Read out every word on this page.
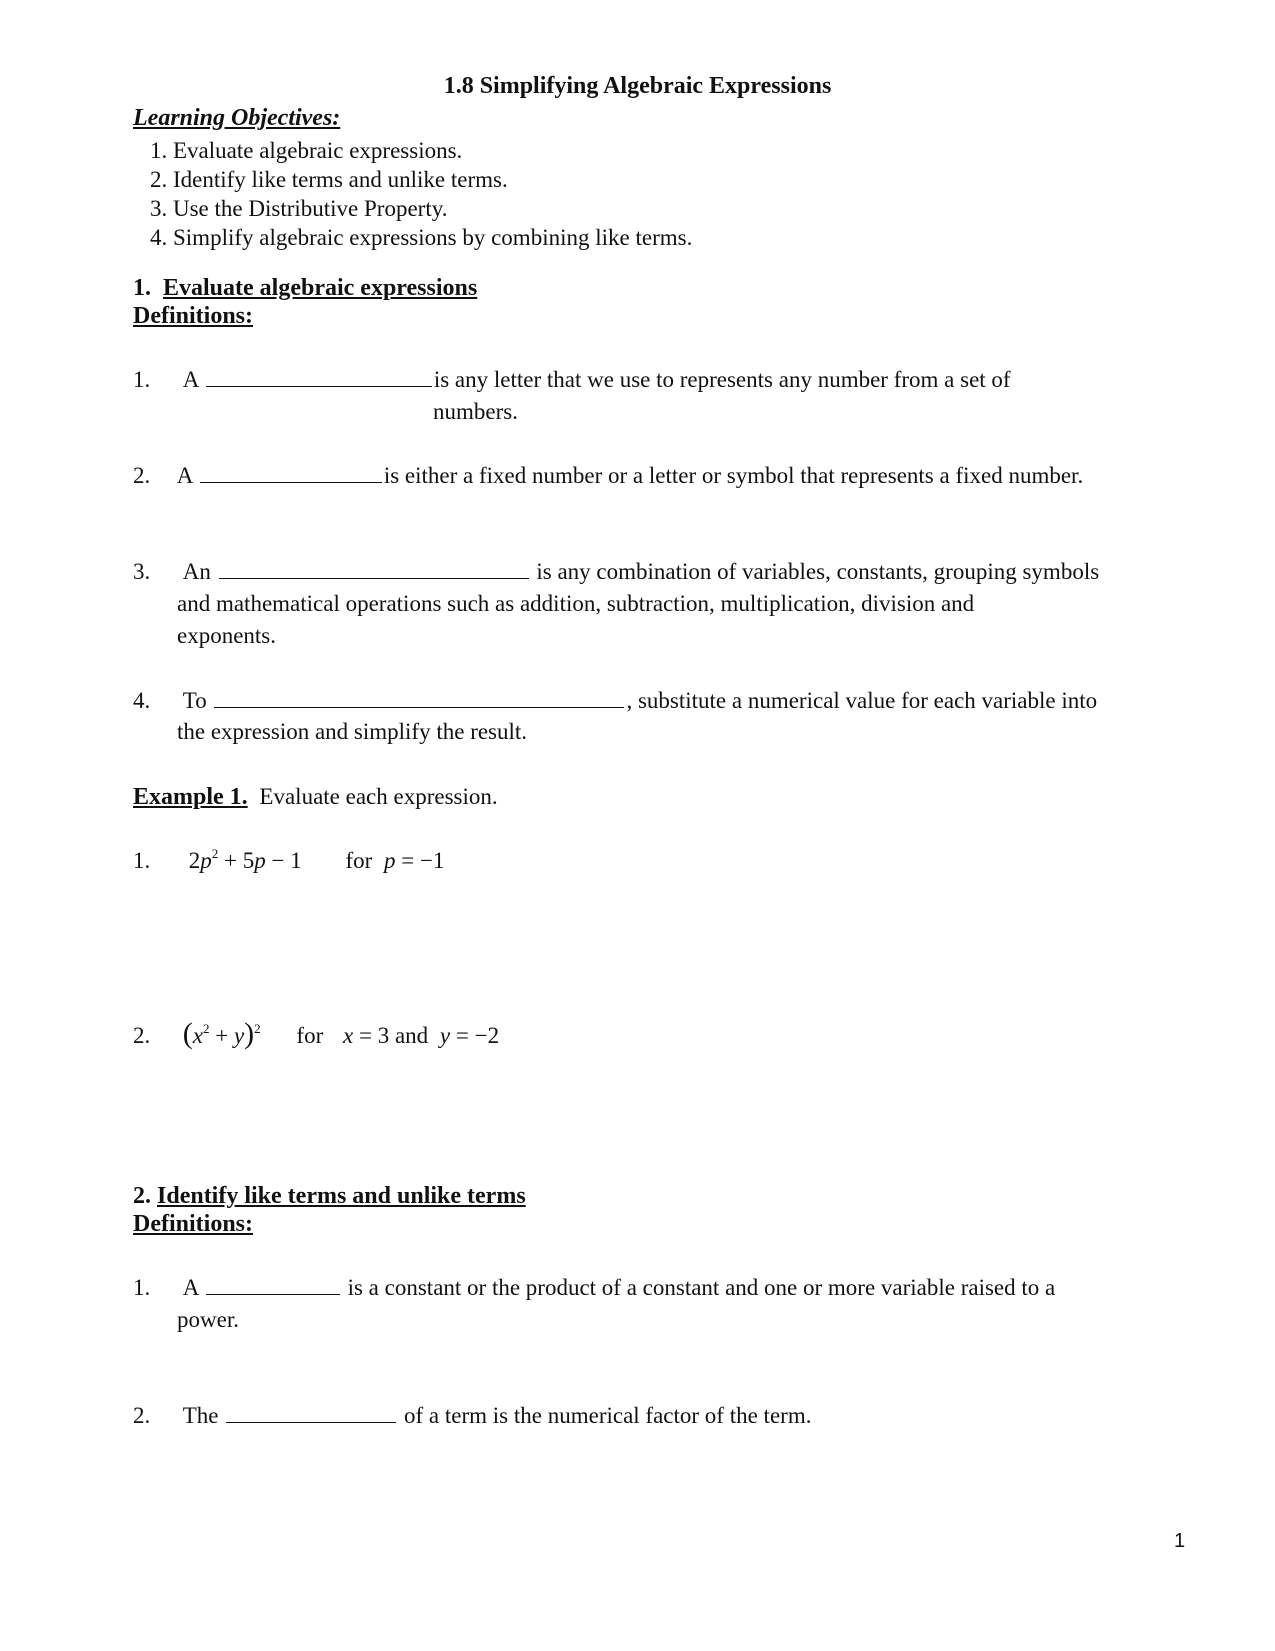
1.8 Simplifying Algebraic Expressions
Learning Objectives:
1. Evaluate algebraic expressions.
2. Identify like terms and unlike terms.
3. Use the Distributive Property.
4. Simplify algebraic expressions by combining like terms.
1. Evaluate algebraic expressions
Definitions:
1. A	is any letter that we use to represents any number from a set of
numbers.
2. A	is either a fixed number or a letter or symbol that represents a fixed number.
3. An	is any combination of variables, constants, grouping symbols
and mathematical operations such as addition, subtraction, multiplication, division and
exponents.
4. To	, substitute a numerical value for each variable into
the expression and simplify the result.
Example 1. Evaluate each expression.
1. $2p^2 + 5p - 1$ for p = −1
2. $(x^2 + y)^2$ for x = 3 and y = −2
2. Identify like terms and unlike terms
Definitions:
1. A	is a constant or the product of a constant and one or more variable raised to a
power.
2. The	of a term is the numerical factor of the term.
1
